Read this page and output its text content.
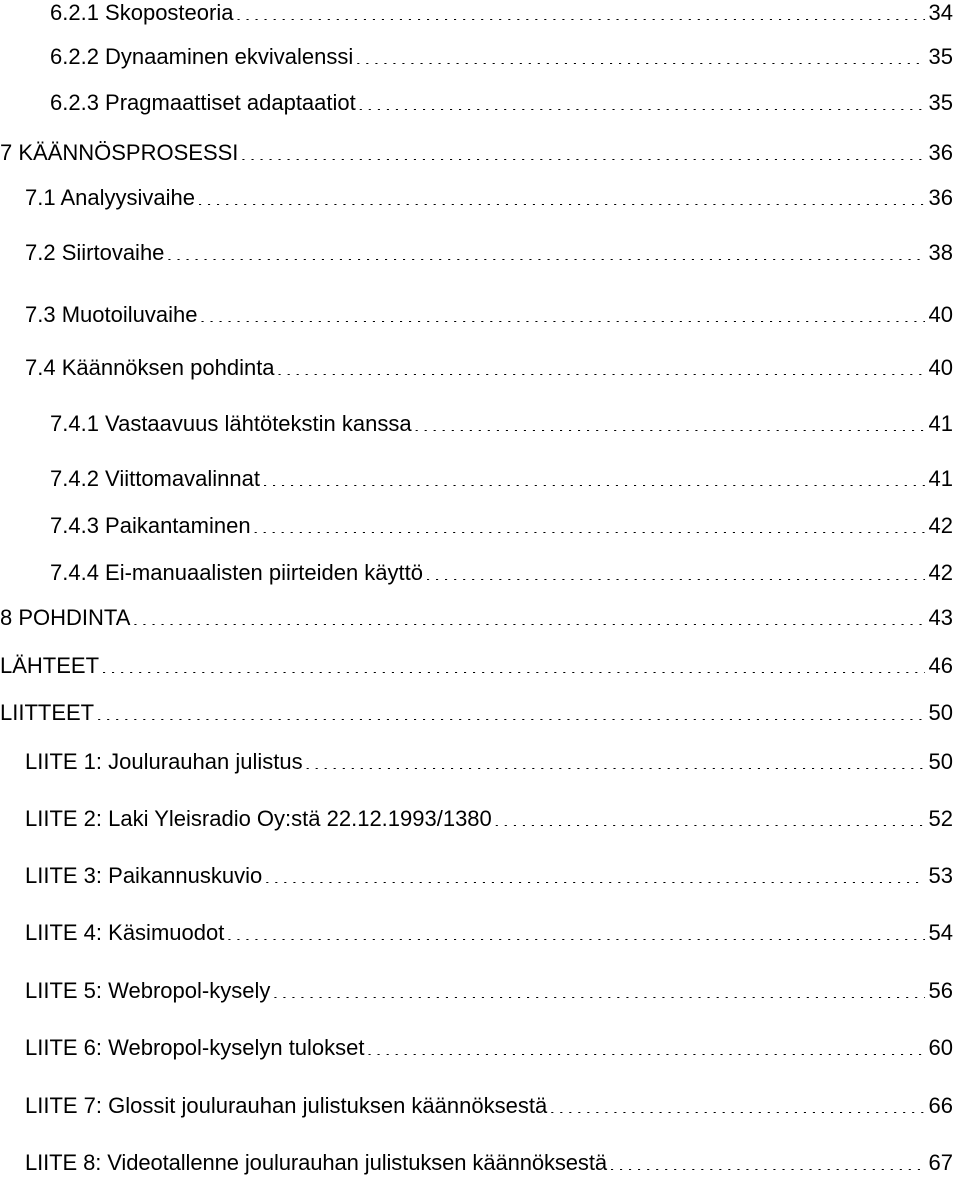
6.2.1 Skoposteoria . . .	34
6.2.2 Dynaaminen ekvivalenssi . . .	35
6.2.3 Pragmaattiset adaptaatiot . . .	35
7 KÄÄNNÖSPROSESSI . . .	36
7.1 Analyysivaihe . . .	36
7.2 Siirtovaihe . . .	38
7.3 Muotoiluvaihe . . .	40
7.4 Käännöksen pohdinta . . .	40
7.4.1 Vastaavuus lähtötekstin kanssa . . .	41
7.4.2 Viittomavalinnat . . .	41
7.4.3 Paikantaminen . . .	42
7.4.4 Ei-manuaalisten piirteiden käyttö . . .	42
8 POHDINTA . . .	43
LÄHTEET . . .	46
LIITTEET . . .	50
LIITE 1: Joulurauhan julistus . . .	50
LIITE 2: Laki Yleisradio Oy:stä 22.12.1993/1380 . . .	52
LIITE 3: Paikannuskuvio . . .	53
LIITE 4: Käsimuodot . . .	54
LIITE 5: Webropol-kysely . . .	56
LIITE 6: Webropol-kyselyn tulokset . . .	60
LIITE 7: Glossit joulurauhan julistuksen käännöksestä . . .	66
LIITE 8: Videotallenne joulurauhan julistuksen käännöksestä . . .	67
